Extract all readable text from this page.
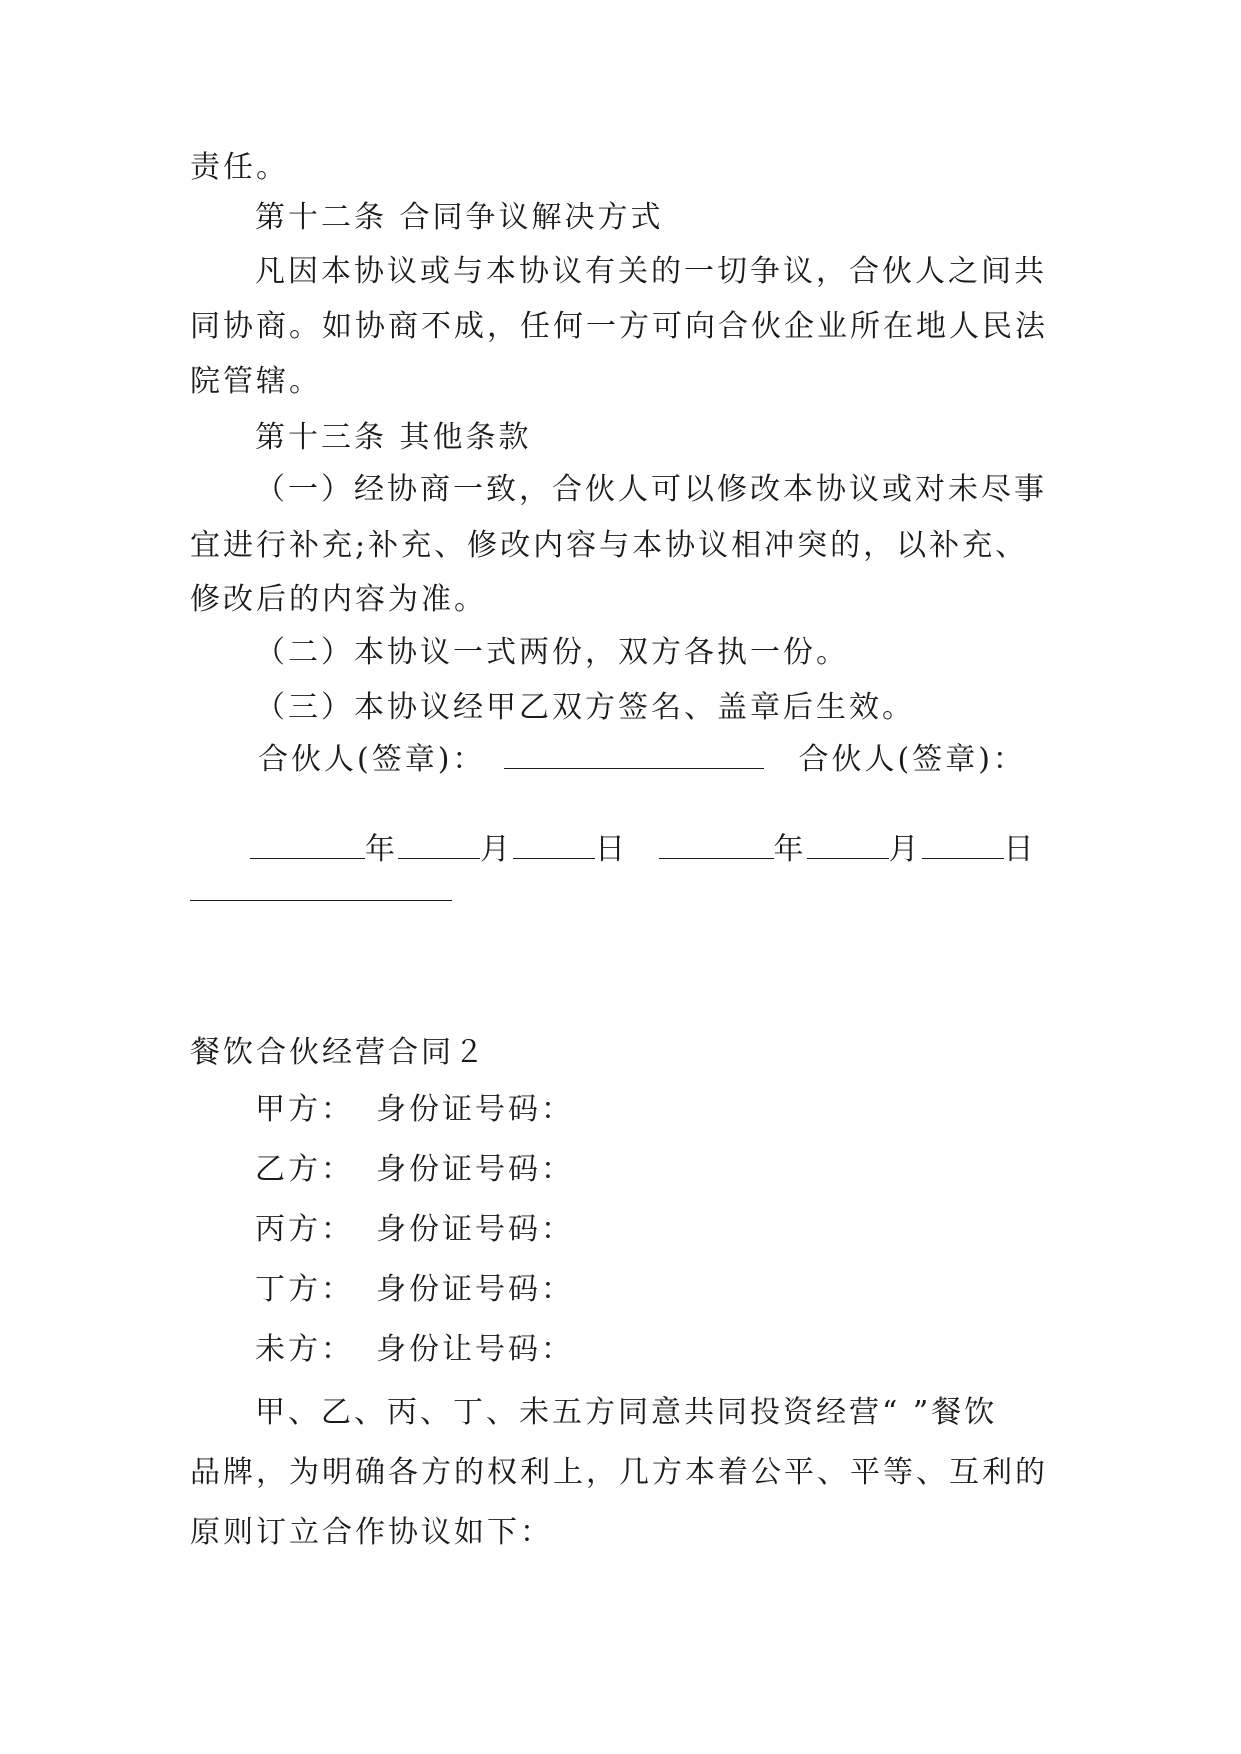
责任。
第十二条 合同争议解决方式
凡因本协议或与本协议有关的一切争议，合伙人之间共
同协商。如协商不成，任何一方可向合伙企业所在地人民法
院管辖。
第十三条 其他条款
（一）经协商一致，合伙人可以修改本协议或对未尽事
宜进行补充;补充、修改内容与本协议相冲突的，以补充、
修改后的内容为准。
（二）本协议一式两份，双方各执一份。
（三）本协议经甲乙双方签名、盖章后生效。
合伙人(签章)：	合伙人(签章)：
年	月	日	年	月	日
餐饮合伙经营合同２
甲方： 身份证号码：
乙方： 身份证号码：
丙方： 身份证号码：
丁方： 身份证号码：
未方： 身份让号码：
甲、乙、丙、丁、未五方同意共同投资经营“ ”餐饮
品牌，为明确各方的权利上，几方本着公平、平等、互利的
原则订立合作协议如下：
